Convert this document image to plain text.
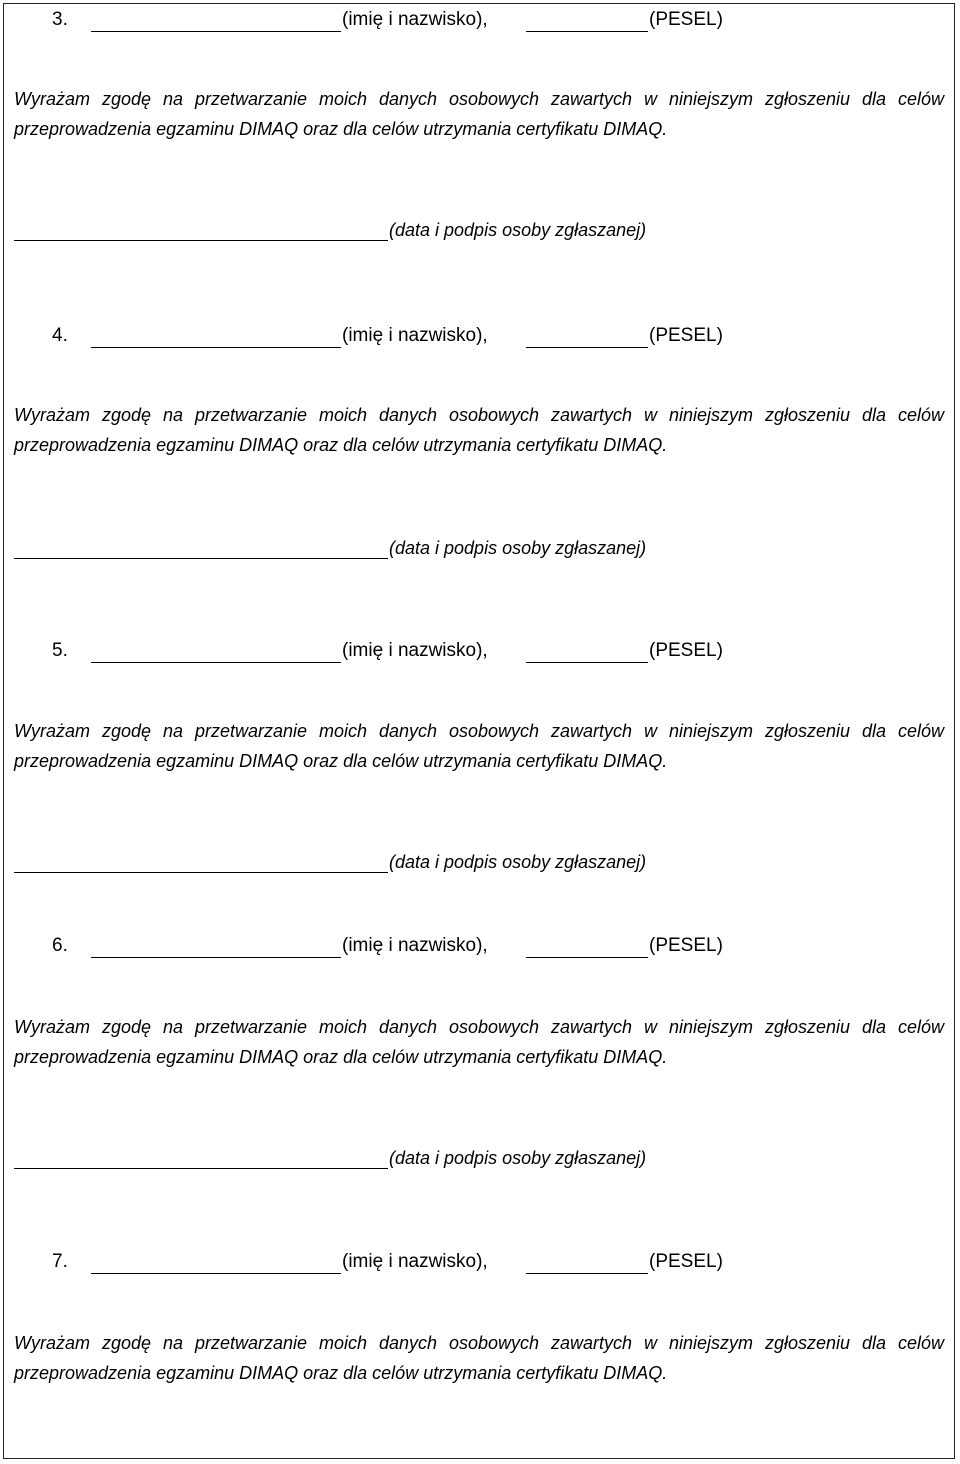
3.	(imię i nazwisko),	(PESEL)
Wyrażam zgodę na przetwarzanie moich danych osobowych zawartych w niniejszym zgłoszeniu dla celów przeprowadzenia egzaminu DIMAQ oraz dla celów utrzymania certyfikatu DIMAQ.
(data i podpis osoby zgłaszanej)
4.	(imię i nazwisko),	(PESEL)
Wyrażam zgodę na przetwarzanie moich danych osobowych zawartych w niniejszym zgłoszeniu dla celów przeprowadzenia egzaminu DIMAQ oraz dla celów utrzymania certyfikatu DIMAQ.
(data i podpis osoby zgłaszanej)
5.	(imię i nazwisko),	(PESEL)
Wyrażam zgodę na przetwarzanie moich danych osobowych zawartych w niniejszym zgłoszeniu dla celów przeprowadzenia egzaminu DIMAQ oraz dla celów utrzymania certyfikatu DIMAQ.
(data i podpis osoby zgłaszanej)
6.	(imię i nazwisko),	(PESEL)
Wyrażam zgodę na przetwarzanie moich danych osobowych zawartych w niniejszym zgłoszeniu dla celów przeprowadzenia egzaminu DIMAQ oraz dla celów utrzymania certyfikatu DIMAQ.
(data i podpis osoby zgłaszanej)
7.	(imię i nazwisko),	(PESEL)
Wyrażam zgodę na przetwarzanie moich danych osobowych zawartych w niniejszym zgłoszeniu dla celów przeprowadzenia egzaminu DIMAQ oraz dla celów utrzymania certyfikatu DIMAQ.
